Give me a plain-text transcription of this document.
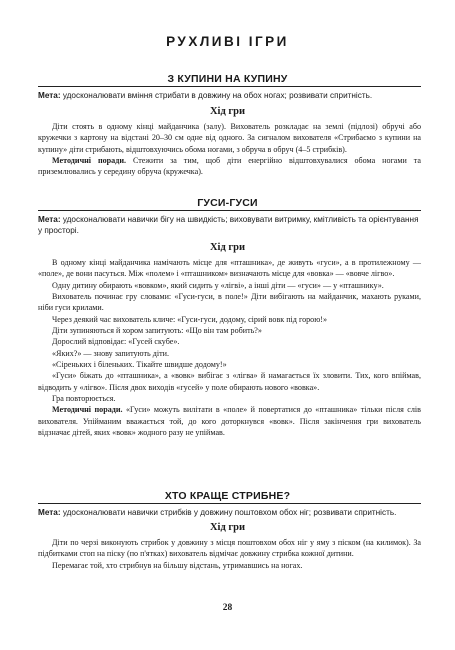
РУХЛИВІ ІГРИ
З КУПИНИ НА КУПИНУ
Мета: удосконалювати вміння стрибати в довжину на обох ногах; розвивати спритність.
Хід гри

Діти стоять в одному кінці майданчика (залу). Вихователь розкладає на землі (підлозі) обручі або кружечки з картону на відстані 20–30 см одне від одного. За сигналом вихователя «Стрибаємо з купини на купину» діти стрибають, відштовхуючись обома ногами, з обруча в обруч (4–5 стрибків).

Методичні поради. Стежити за тим, щоб діти енергійно відштовхувалися обома ногами та приземлювались у середину обруча (кружечка).

ГУСИ-ГУСИ
Мета: удосконалювати навички бігу на швидкість; виховувати витримку, кмітливість та орієнтування у просторі.
Хід гри

В одному кінці майданчика намічають місце для «пташника», де живуть «гуси», а в протилежному — «поле», де вони пасуться. Між «полем» і «пташником» визначають місце для «вовка» — «вовче лігво».

Одну дитину обирають «вовком», який сидить у «лігві», а інші діти — «гуси» — у «пташнику».

Вихователь починає гру словами: «Гуси-гуси, в поле!» Діти вибігають на майданчик, махають руками, ніби гуси крилами.

Через деякий час вихователь кличе: «Гуси-гуси, додому, сірий вовк під горою!»

Діти зупиняються й хором запитують: «Що він там робить?»

Дорослий відповідає: «Гусей скубе».

«Яких?» — знову запитують діти.

«Сіреньких і біленьких. Тікайте швидше додому!»

«Гуси» біжать до «пташника», а «вовк» вибігає з «лігва» й намагається їх зловити. Тих, кого впіймав, відводить у «лігво». Після двох виходів «гусей» у поле обирають нового «вовка».

Гра повторюється.

Методичні поради. «Гуси» можуть вилітати в «поле» й повертатися до «пташника» тільки після слів вихователя. Упійманим вважається той, до кого доторкнувся «вовк». Після закінчення гри вихователь відзначає дітей, яких «вовк» жодного разу не упіймав.

ХТО КРАЩЕ СТРИБНЕ?
Мета: удосконалювати навички стрибків у довжину поштовхом обох ніг; розвивати спритність.
Хід гри

Діти по черзі виконують стрибок у довжину з місця поштовхом обох ніг у яму з піском (на килимок). За підбитками стоп на піску (по п'ятках) вихователь відмічає довжину стрибка кожної дитини.

Перемагає той, хто стрибнув на більшу відстань, утримавшись на ногах.

28
